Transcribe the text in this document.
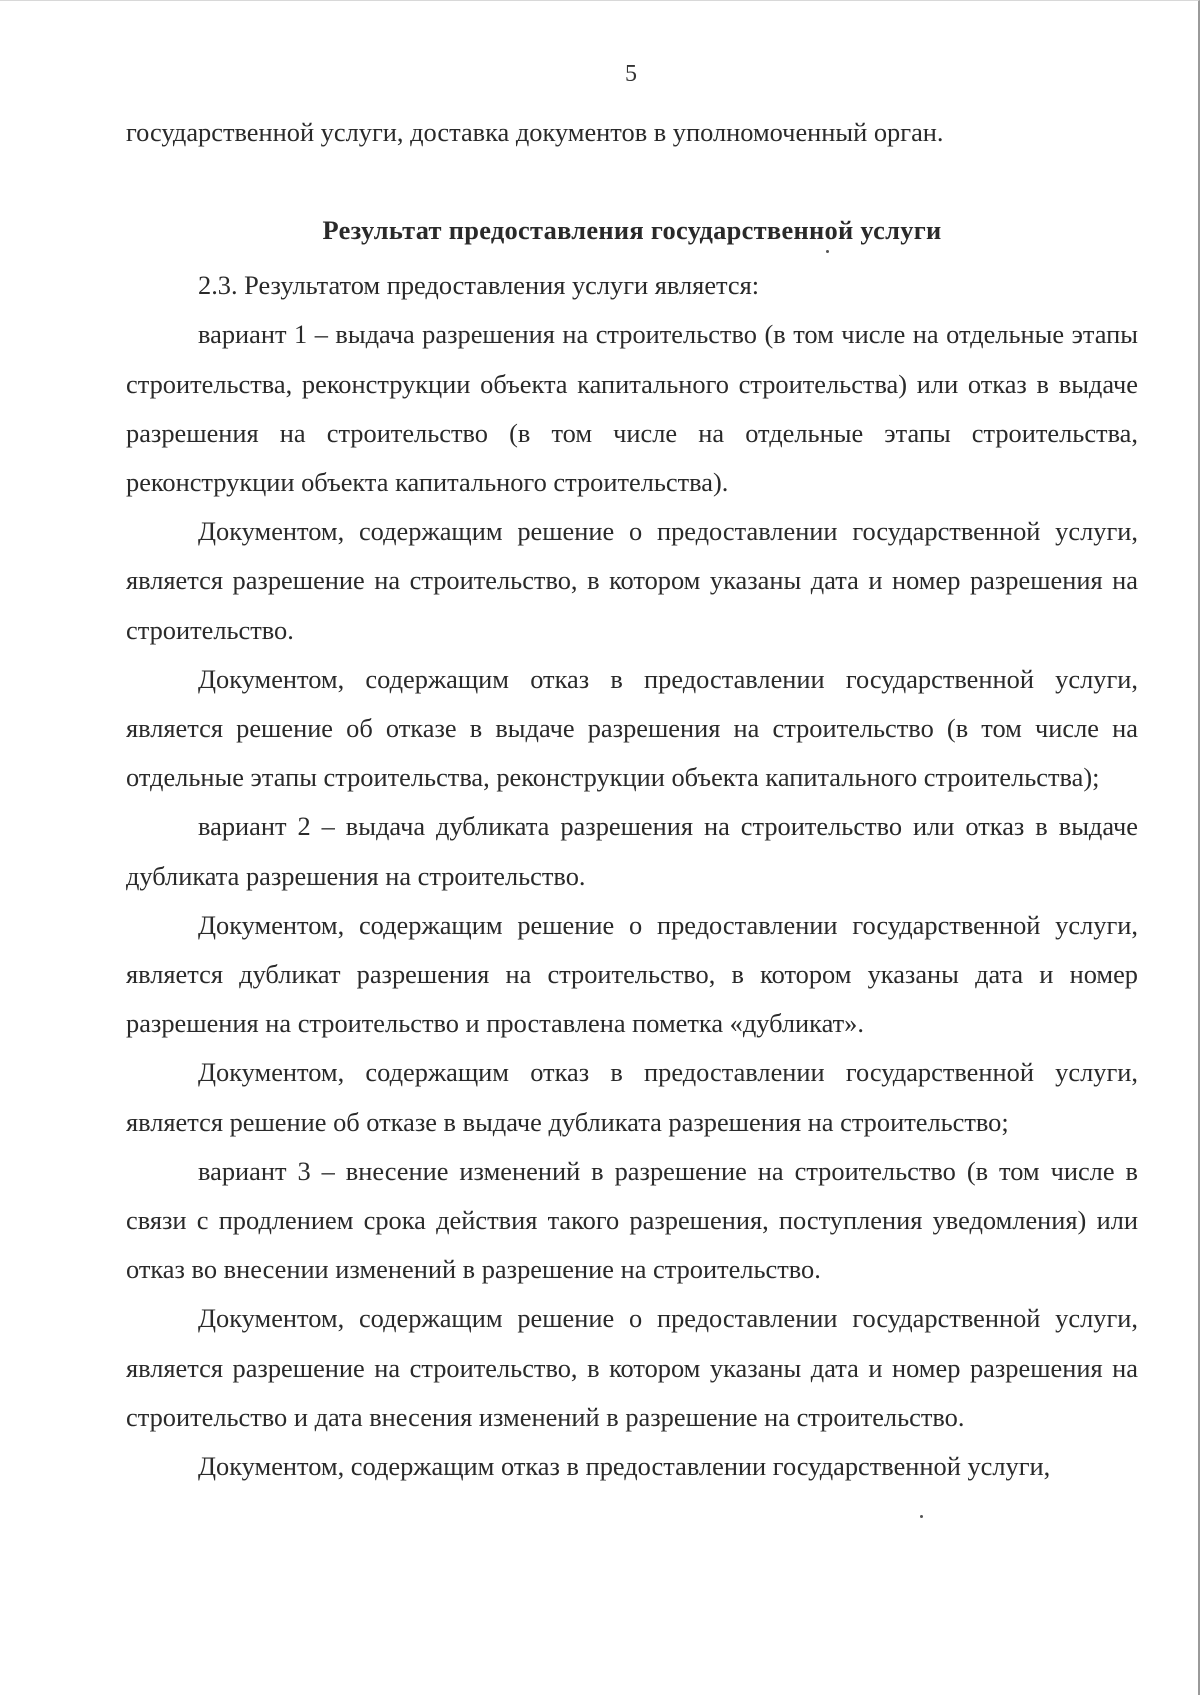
5

государственной услуги, доставка документов в уполномоченный орган.

Результат предоставления государственной услуги

2.3. Результатом предоставления услуги является:

вариант 1 – выдача разрешения на строительство (в том числе на отдельные этапы строительства, реконструкции объекта капитального строительства) или отказ в выдаче разрешения на строительство (в том числе на отдельные этапы строительства, реконструкции объекта капитального строительства).

Документом, содержащим решение о предоставлении государственной услуги, является разрешение на строительство, в котором указаны дата и номер разрешения на строительство.

Документом, содержащим отказ в предоставлении государственной услуги, является решение об отказе в выдаче разрешения на строительство (в том числе на отдельные этапы строительства, реконструкции объекта капитального строительства);

вариант 2 – выдача дубликата разрешения на строительство или отказ в выдаче дубликата разрешения на строительство.

Документом, содержащим решение о предоставлении государственной услуги, является дубликат разрешения на строительство, в котором указаны дата и номер разрешения на строительство и проставлена пометка «дубликат».

Документом, содержащим отказ в предоставлении государственной услуги, является решение об отказе в выдаче дубликата разрешения на строительство;

вариант 3 – внесение изменений в разрешение на строительство (в том числе в связи с продлением срока действия такого разрешения, поступления уведомления) или отказ во внесении изменений в разрешение на строительство.

Документом, содержащим решение о предоставлении государственной услуги, является разрешение на строительство, в котором указаны дата и номер разрешения на строительство и дата внесения изменений в разрешение на строительство.

Документом, содержащим отказ в предоставлении государственной услуги,
